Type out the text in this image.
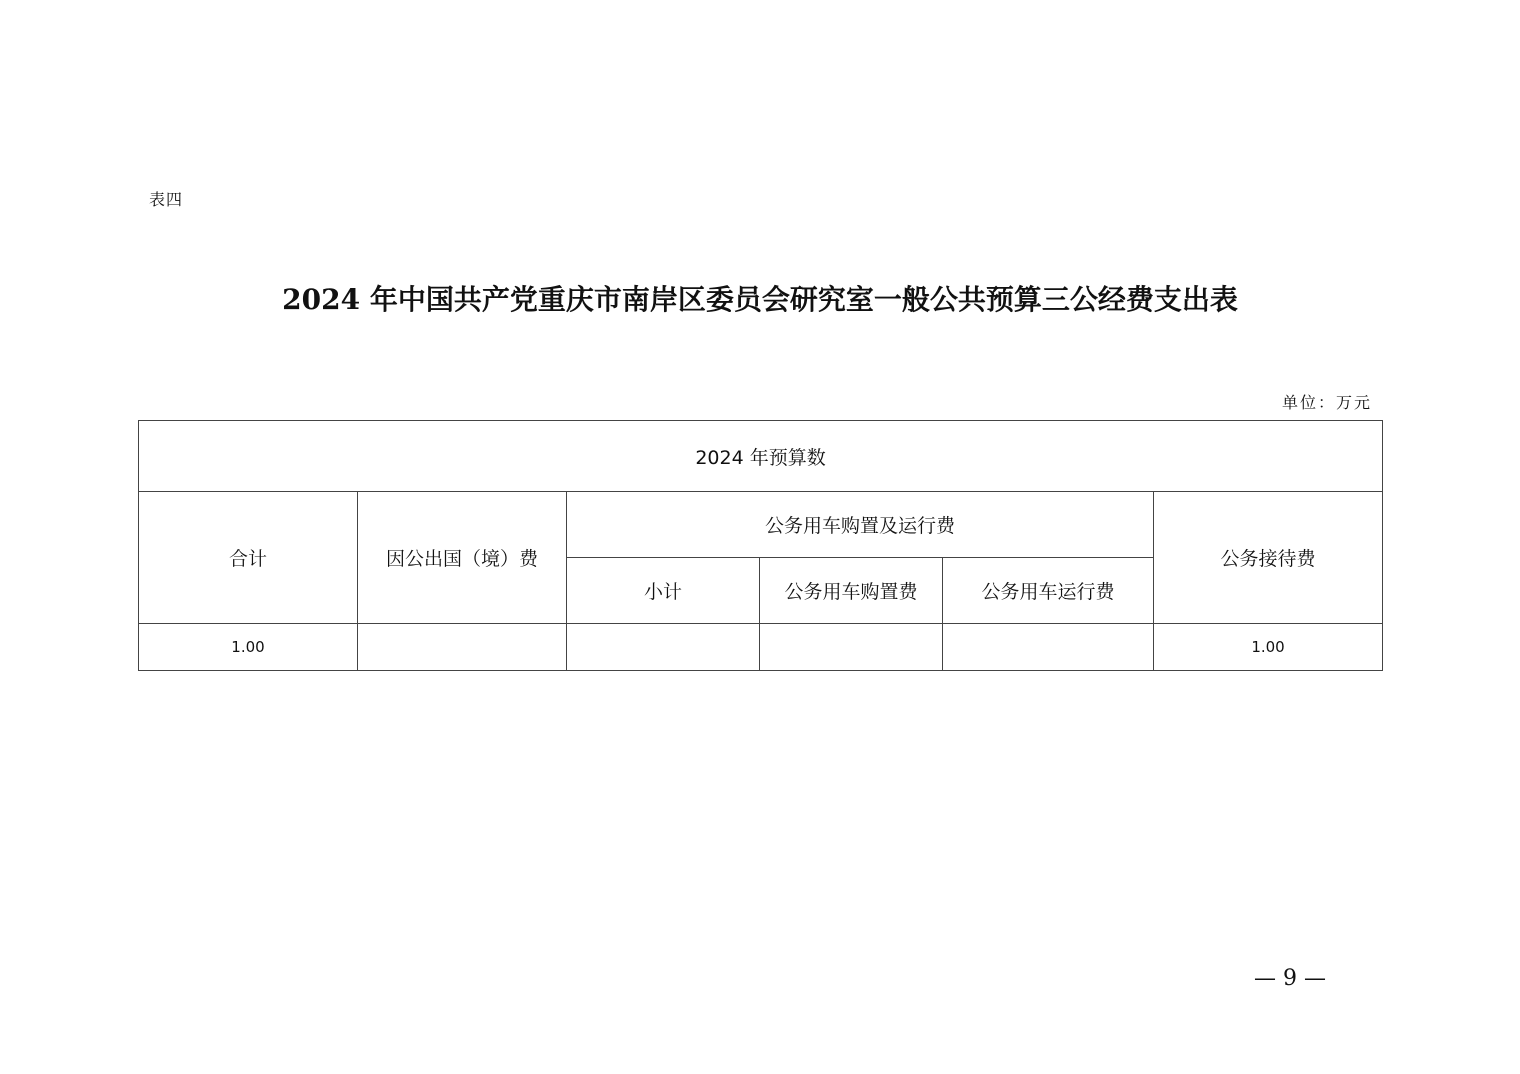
表四
2024 年中国共产党重庆市南岸区委员会研究室一般公共预算三公经费支出表
单位：万元
2024 年预算数					
合计	因公出国（境）费	公务用车购置及运行费			公务接待费
		小计	公务用车购置费	公务用车运行费	
1.00					1.00
— 9 —
